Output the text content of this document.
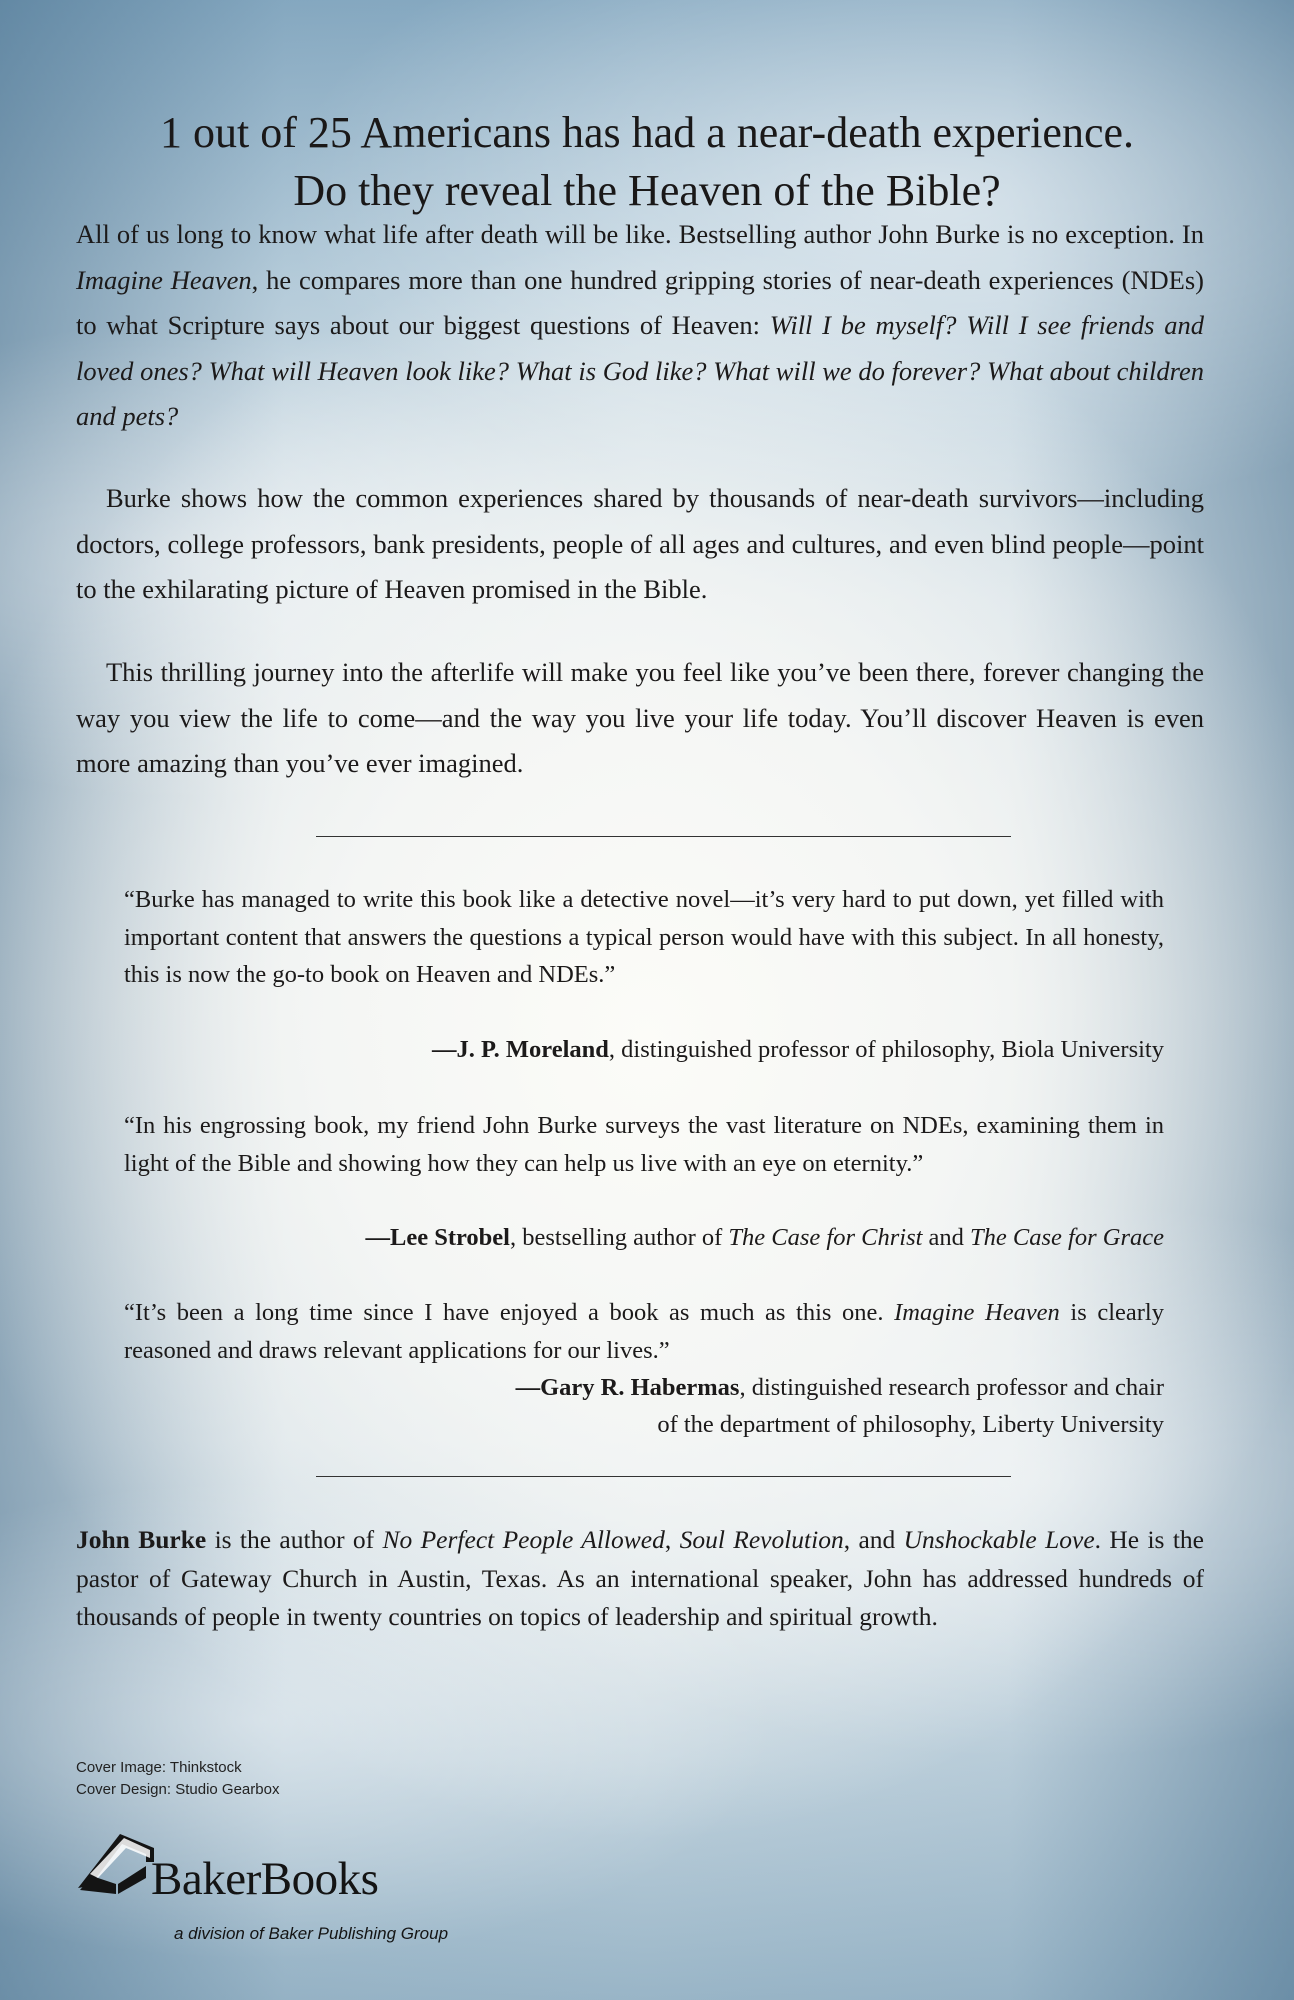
1 out of 25 Americans has had a near-death experience.
Do they reveal the Heaven of the Bible?

All of us long to know what life after death will be like. Bestselling author John Burke is no exception. In Imagine Heaven, he compares more than one hundred gripping stories of near-death experiences (NDEs) to what Scripture says about our biggest questions of Heaven: Will I be myself? Will I see friends and loved ones? What will Heaven look like? What is God like? What will we do forever? What about children and pets?

Burke shows how the common experiences shared by thousands of near-death survivors—including doctors, college professors, bank presidents, people of all ages and cultures, and even blind people—point to the exhilarating picture of Heaven promised in the Bible.

This thrilling journey into the afterlife will make you feel like you’ve been there, forever changing the way you view the life to come—and the way you live your life today. You’ll discover Heaven is even more amazing than you’ve ever imagined.

“Burke has managed to write this book like a detective novel—it’s very hard to put down, yet filled with important content that answers the questions a typical person would have with this subject. In all honesty, this is now the go-to book on Heaven and NDEs.”

—J. P. Moreland, distinguished professor of philosophy, Biola University

“In his engrossing book, my friend John Burke surveys the vast literature on NDEs, examining them in light of the Bible and showing how they can help us live with an eye on eternity.”

—Lee Strobel, bestselling author of The Case for Christ and The Case for Grace

“It’s been a long time since I have enjoyed a book as much as this one. Imagine Heaven is clearly reasoned and draws relevant applications for our lives.”

—Gary R. Habermas, distinguished research professor and chair
of the department of philosophy, Liberty University

John Burke is the author of No Perfect People Allowed, Soul Revolution, and Unshockable Love. He is the pastor of Gateway Church in Austin, Texas. As an international speaker, John has addressed hundreds of thousands of people in twenty countries on topics of leadership and spiritual growth.

Cover Image: Thinkstock
Cover Design: Studio Gearbox
BakerBooks
a division of Baker Publishing Group
